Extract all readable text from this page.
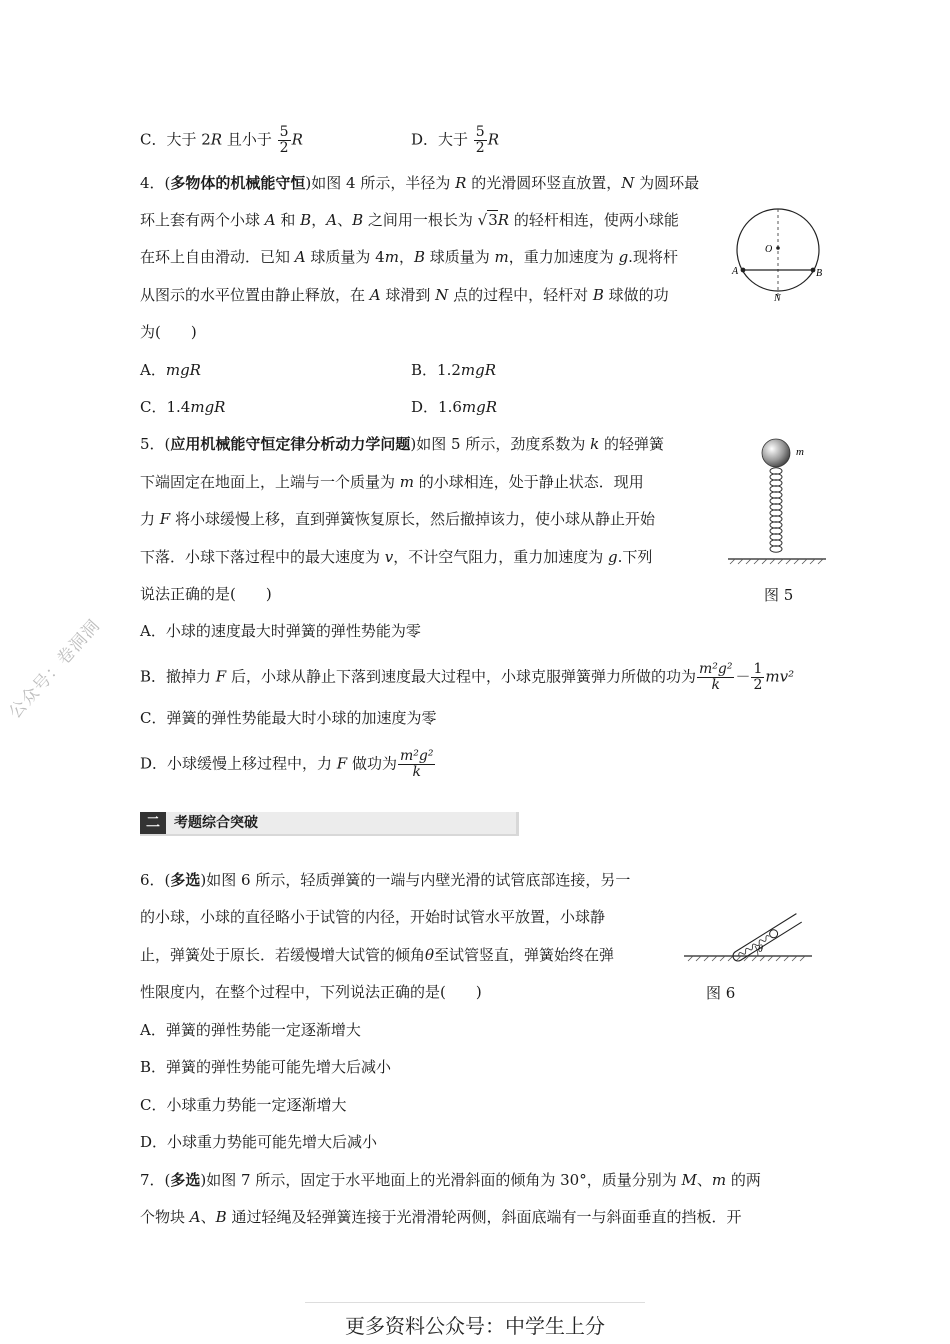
C．大于 2R 且小于 $\frac{5}{2}$ R	D．大于 $\frac{5}{2}$ R
4．(多物体的机械能守恒)如图 4 所示，半径为 R 的光滑圆环竖直放置，N 为圆环最
环上套有两个小球 A 和 B，A、B 之间用一根长为 √3R 的轻杆相连，使两小球能
在环上自由滑动．已知 A 球质量为 4m，B 球质量为 m，重力加速度为 g.现将杆
从图示的水平位置由静止释放，在 A 球滑到 N 点的过程中，轻杆对 B 球做的功
为(　　)
A．mgR	B．1.2mgR
C．1.4mgR	D．1.6mgR
O
A	B
N
5．(应用机械能守恒定律分析动力学问题)如图 5 所示，劲度系数为 k 的轻弹簧
下端固定在地面上，上端与一个质量为 m 的小球相连，处于静止状态．现用
力 F 将小球缓慢上移，直到弹簧恢复原长，然后撤掉该力，使小球从静止开始
下落．小球下落过程中的最大速度为 v，不计空气阻力，重力加速度为 g.下列
说法正确的是(　　)
m
图 5
A．小球的速度最大时弹簧的弹性势能为零
B．撤掉力 F 后，小球从静止下落到速度最大过程中，小球克服弹簧弹力所做的功为 $\frac{\text{m²g²}}{k} - \frac{1}{2} mv^2$
C．弹簧的弹性势能最大时小球的加速度为零
D．小球缓慢上移过程中，力 F 做功为 $\frac{\text{m²g²}}{k}$
二	考题综合突破
6．(多选)如图 6 所示，轻质弹簧的一端与内壁光滑的试管底部连接，另一
的小球，小球的直径略小于试管的内径，开始时试管水平放置，小球静
止，弹簧处于原长．若缓慢增大试管的倾角θ至试管竖直，弹簧始终在弹
性限度内，在整个过程中，下列说法正确的是(　　)
θ
图 6
A．弹簧的弹性势能一定逐渐增大
B．弹簧的弹性势能可能先增大后减小
C．小球重力势能一定逐渐增大
D．小球重力势能可能先增大后减小
7．(多选)如图 7 所示，固定于水平地面上的光滑斜面的倾角为 30°，质量分别为 M、m 的两
个物块 A、B 通过轻绳及轻弹簧连接于光滑滑轮两侧，斜面底端有一与斜面垂直的挡板．开
公众号：卷洞洞
更多资料公众号：中学生上分
